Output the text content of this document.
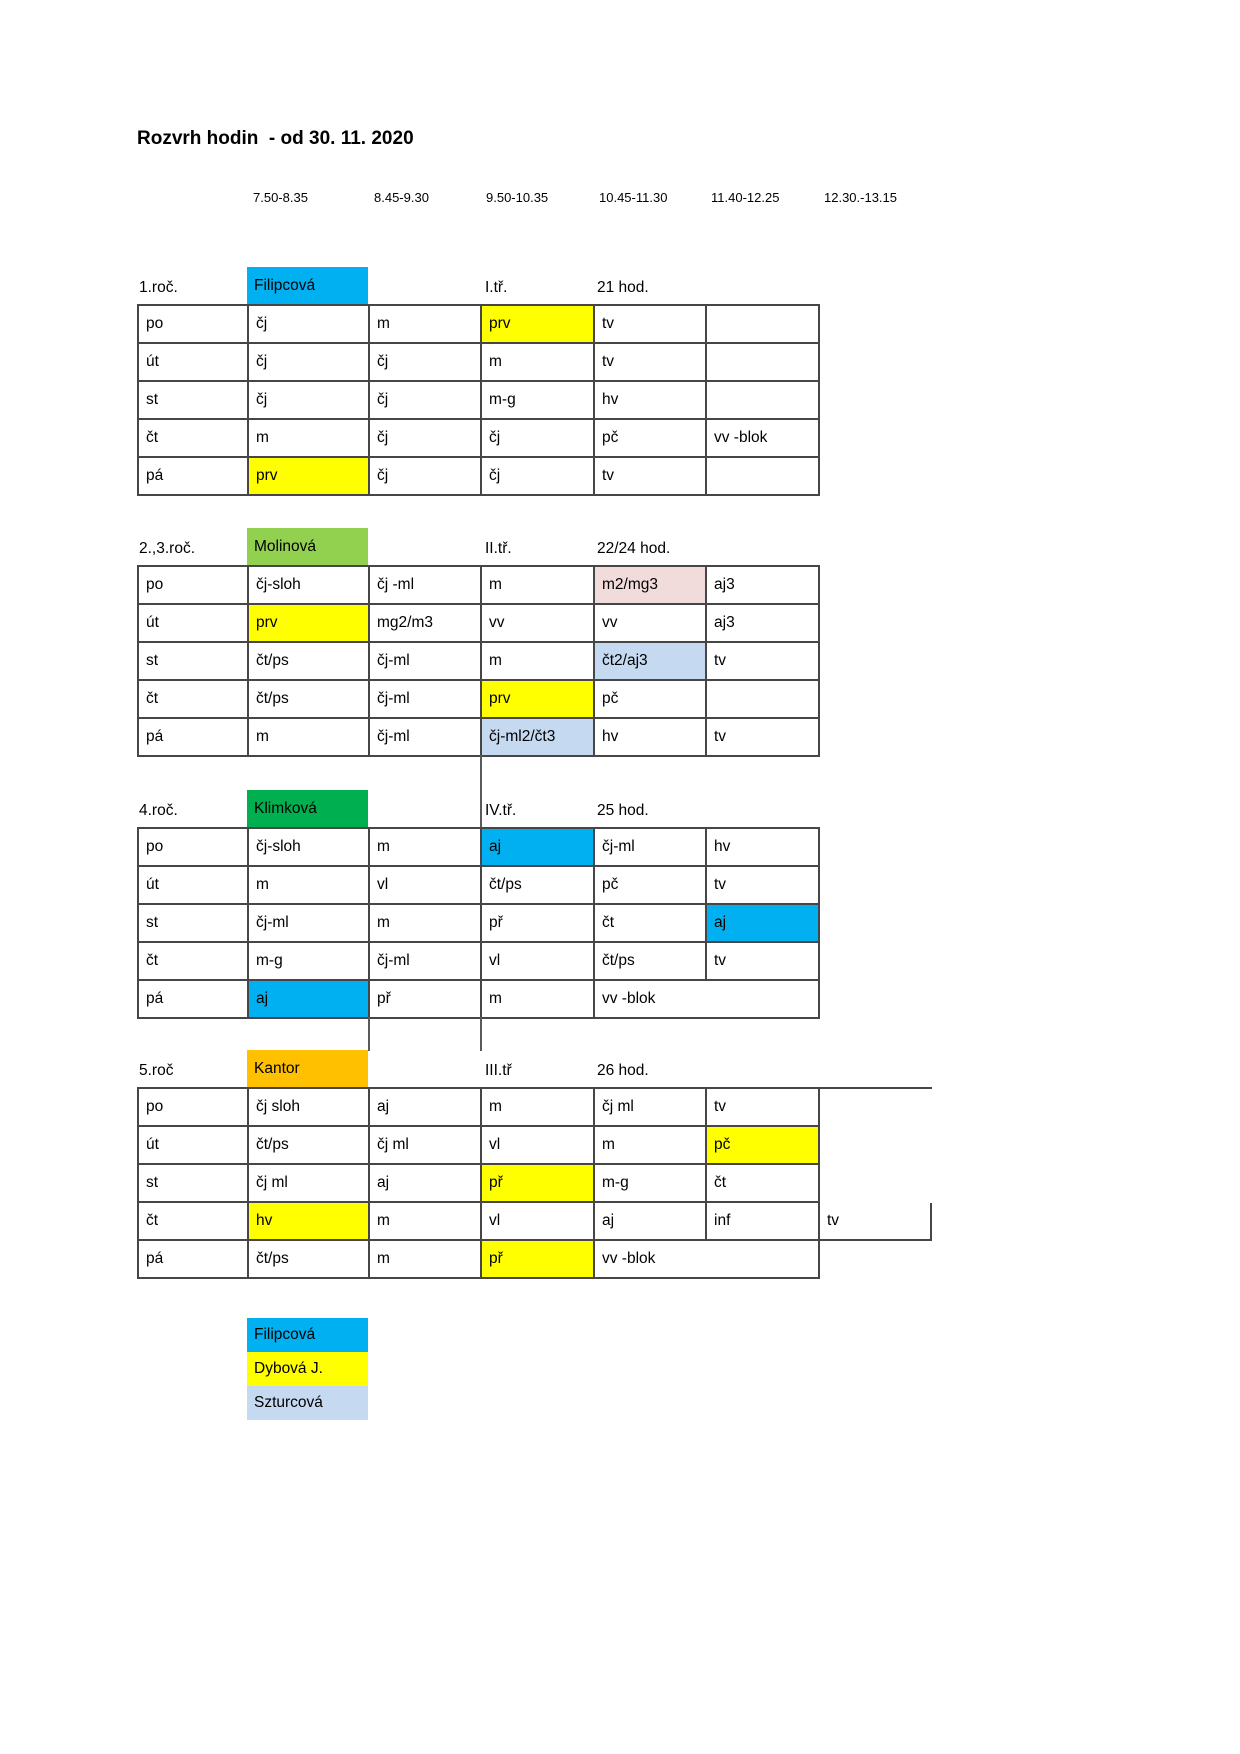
Rozvrh hodin  - od 30. 11. 2020
7.50-8.35	8.45-9.30	9.50-10.35	10.45-11.30	11.40-12.25	12.30.-13.15
1.roč.	Filipcová	I.tř.	21 hod.
po	čj	m	prv	tv
út	čj	čj	m	tv
st	čj	čj	m-g	hv
čt	m	čj	čj	pč	vv -blok
pá	prv	čj	čj	tv
2.,3.roč.	Molinová	II.tř.	22/24 hod.
po	čj-sloh	čj -ml	m	m2/mg3	aj3
út	prv	mg2/m3	vv	vv	aj3
st	čt/ps	čj-ml	m	čt2/aj3	tv
čt	čt/ps	čj-ml	prv	pč
pá	m	čj-ml	čj-ml2/čt3	hv	tv
4.roč.	Klimková	IV.tř.	25 hod.
po	čj-sloh	m	aj	čj-ml	hv
út	m	vl	čt/ps	pč	tv
st	čj-ml	m	př	čt	aj
čt	m-g	čj-ml	vl	čt/ps	tv
pá	aj	př	m	vv -blok
5.roč	Kantor	III.tř	26 hod.
po	čj sloh	aj	m	čj ml	tv
út	čt/ps	čj ml	vl	m	pč
st	čj ml	aj	př	m-g	čt
čt	hv	m	vl	aj	inf	tv
pá	čt/ps	m	př	vv -blok
Filipcová
Dybová J.
Szturcová
